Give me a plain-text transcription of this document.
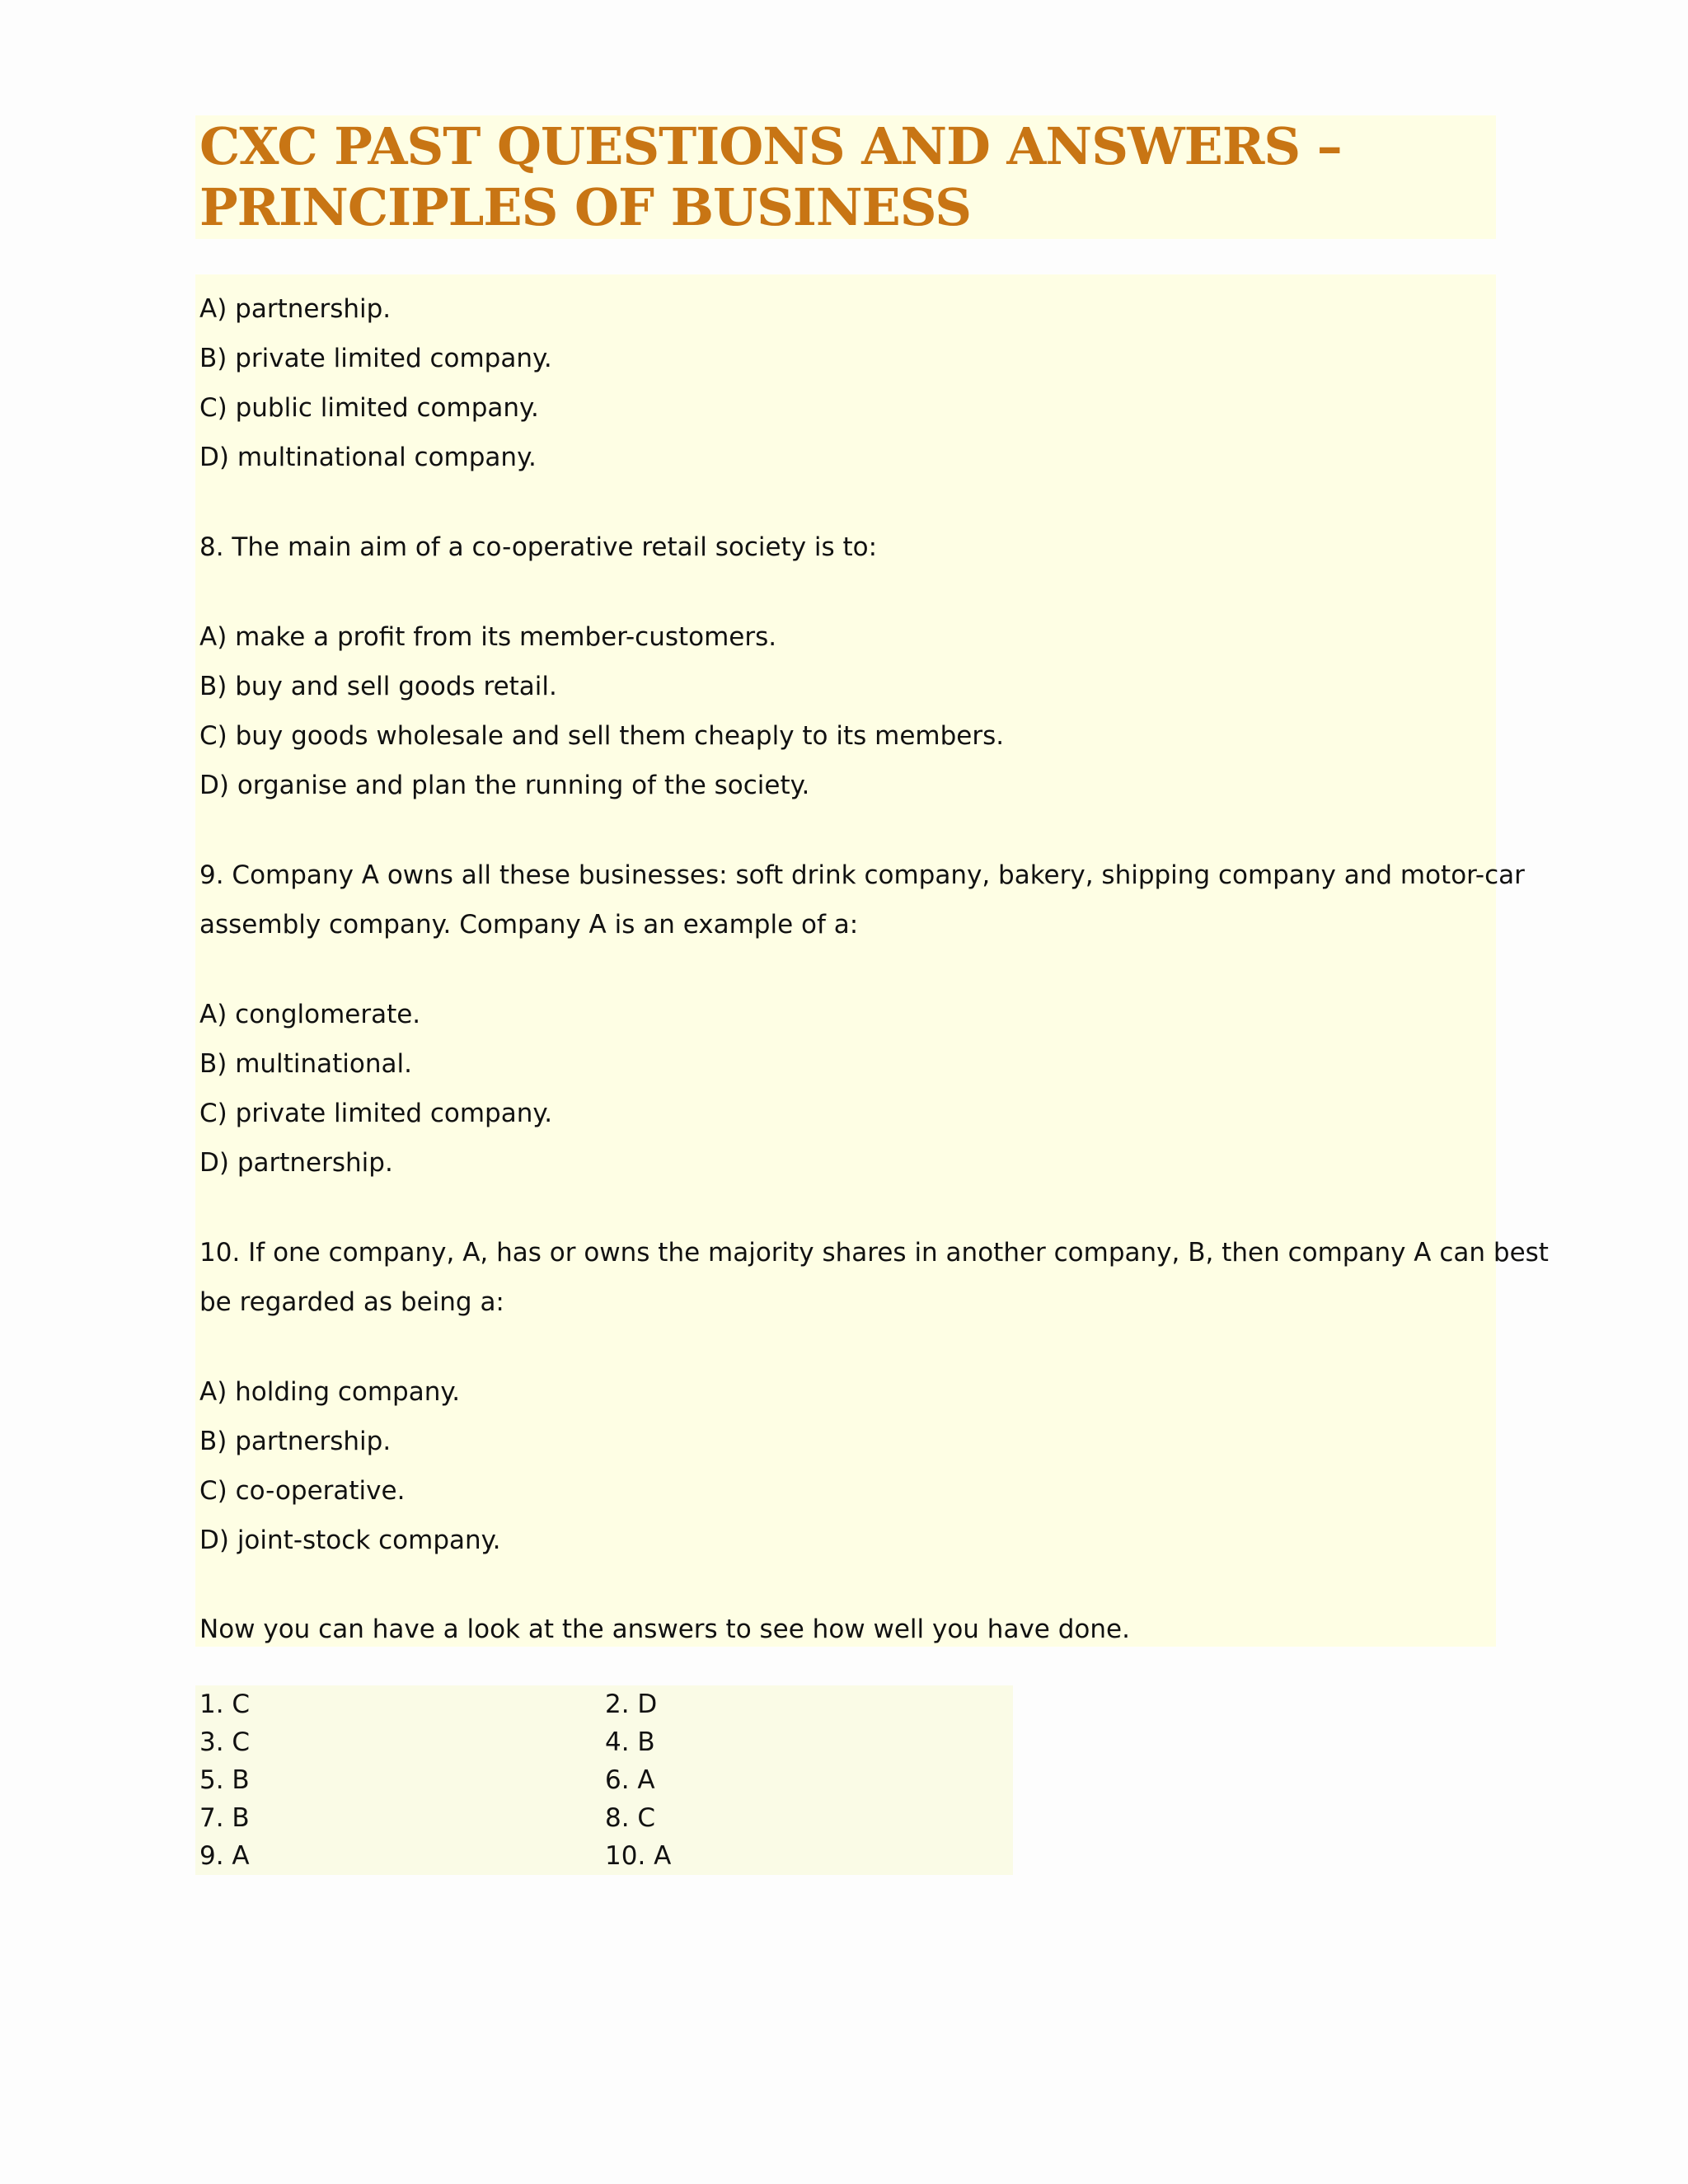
CXC PAST QUESTIONS AND ANSWERS –
PRINCIPLES OF BUSINESS
A) partnership.
B) private limited company.
C) public limited company.
D) multinational company.
8. The main aim of a co-operative retail society is to:
A) make a profit from its member-customers.
B) buy and sell goods retail.
C) buy goods wholesale and sell them cheaply to its members.
D) organise and plan the running of the society.
9. Company A owns all these businesses: soft drink company, bakery, shipping company and motor-car
assembly company. Company A is an example of a:
A) conglomerate.
B) multinational.
C) private limited company.
D) partnership.
10. If one company, A, has or owns the majority shares in another company, B, then company A can best
be regarded as being a:
A) holding company.
B) partnership.
C) co-operative.
D) joint-stock company.
Now you can have a look at the answers to see how well you have done.
1. C	2. D
3. C	4. B
5. B	6. A
7. B	8. C
9. A	10. A
